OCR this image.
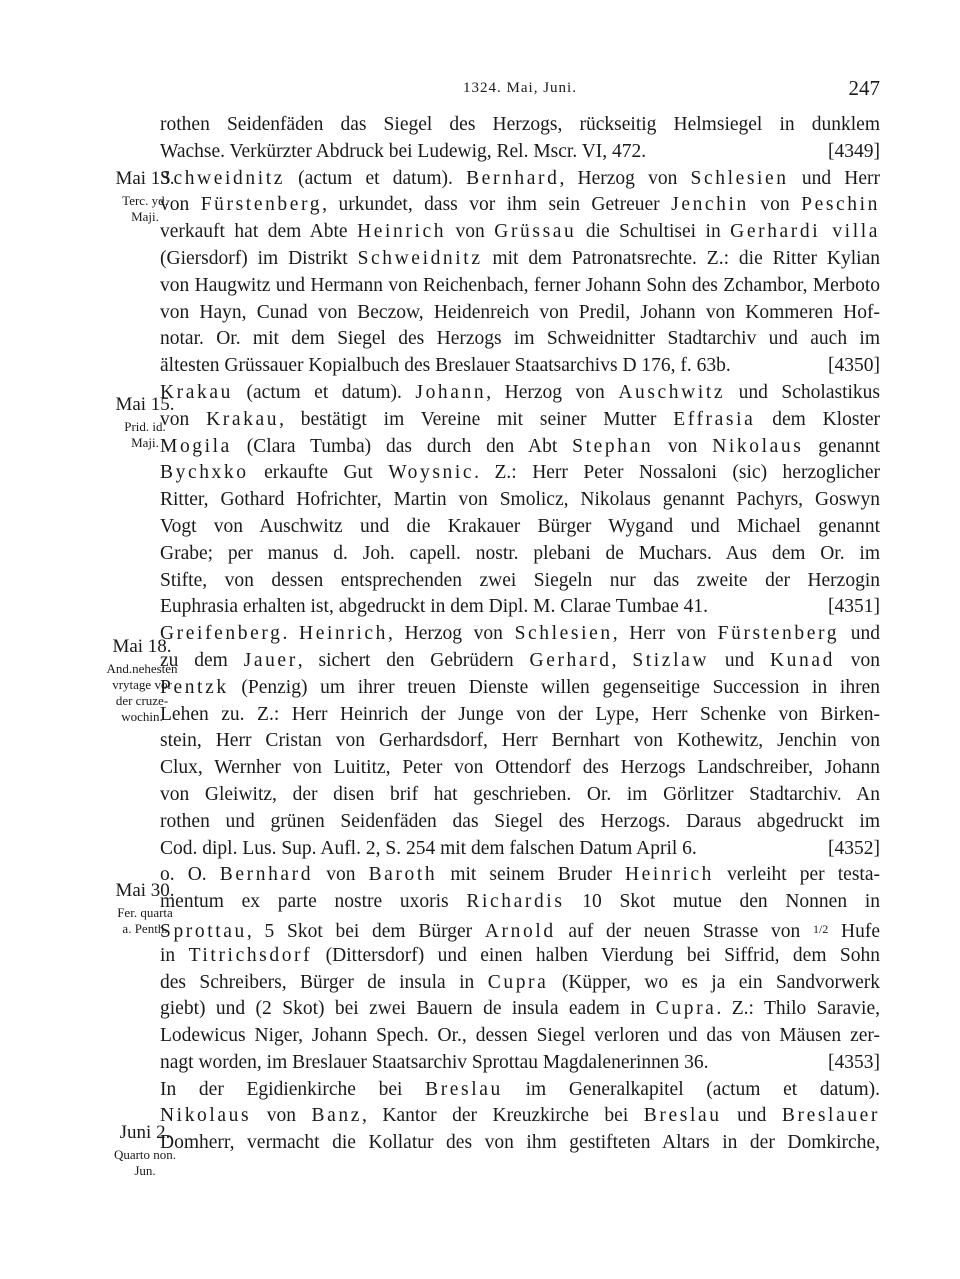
1324. Mai, Juni.	247
Mai 13.
Terc. yd.
Maji.
Mai 15.
Prid. id.
Maji.
Mai 18.
And.nehesten
vrytage vor
der cruze-
wochin.
Mai 30.
Fer. quarta
a. Penth.
Juni 2.
Quarto non.
Jun.
rothen Seidenfäden das Siegel des Herzogs, rückseitig Helmsiegel in dunklem
Wachse. Verkürzter Abdruck bei Ludewig, Rel. Mscr. VI, 472.	[4349]
Schweidnitz (actum et datum). Bernhard, Herzog von Schlesien und Herr
von Fürstenberg, urkundet, dass vor ihm sein Getreuer Jenchin von Peschin
verkauft hat dem Abte Heinrich von Grüssau die Schultisei in Gerhardi villa
(Giersdorf) im Distrikt Schweidnitz mit dem Patronatsrechte. Z.: die Ritter Kylian
von Haugwitz und Hermann von Reichenbach, ferner Johann Sohn des Zchambor, Merboto
von Hayn, Cunad von Beczow, Heidenreich von Predil, Johann von Kommeren Hof-
notar. Or. mit dem Siegel des Herzogs im Schweidnitter Stadtarchiv und auch im
ältesten Grüssauer Kopialbuch des Breslauer Staatsarchivs D 176, f. 63b.	[4350]
Krakau (actum et datum). Johann, Herzog von Auschwitz und Scholastikus
von Krakau, bestätigt im Vereine mit seiner Mutter Effrasia dem Kloster
Mogila (Clara Tumba) das durch den Abt Stephan von Nikolaus genannt
Bychxko erkaufte Gut Woysnic. Z.: Herr Peter Nossaloni (sic) herzoglicher
Ritter, Gothard Hofrichter, Martin von Smolicz, Nikolaus genannt Pachyrs, Goswyn
Vogt von Auschwitz und die Krakauer Bürger Wygand und Michael genannt
Grabe; per manus d. Joh. capell. nostr. plebani de Muchars. Aus dem Or. im
Stifte, von dessen entsprechenden zwei Siegeln nur das zweite der Herzogin
Euphrasia erhalten ist, abgedruckt in dem Dipl. M. Clarae Tumbae 41.	[4351]
Greifenberg. Heinrich, Herzog von Schlesien, Herr von Fürstenberg und
zu dem Jauer, sichert den Gebrüdern Gerhard, Stizlaw und Kunad von
Pentzk (Penzig) um ihrer treuen Dienste willen gegenseitige Succession in ihren
Lehen zu. Z.: Herr Heinrich der Junge von der Lype, Herr Schenke von Birken-
stein, Herr Cristan von Gerhardsdorf, Herr Bernhart von Kothewitz, Jenchin von
Clux, Wernher von Luititz, Peter von Ottendorf des Herzogs Landschreiber, Johann
von Gleiwitz, der disen brif hat geschrieben. Or. im Görlitzer Stadtarchiv. An
rothen und grünen Seidenfäden das Siegel des Herzogs. Daraus abgedruckt im
Cod. dipl. Lus. Sup. Aufl. 2, S. 254 mit dem falschen Datum April 6.	[4352]
o. O. Bernhard von Baroth mit seinem Bruder Heinrich verleiht per testa-
mentum ex parte nostre uxoris Richardis 10 Skot mutue den Nonnen in
Sprottau, 5 Skot bei dem Bürger Arnold auf der neuen Strasse von $^{1/2}$ Hufe
in Titrichsdorf (Dittersdorf) und einen halben Vierdung bei Siffrid, dem Sohn
des Schreibers, Bürger de insula in Cupra (Küpper, wo es ja ein Sandvorwerk
giebt) und (2 Skot) bei zwei Bauern de insula eadem in Cupra. Z.: Thilo Saravie,
Lodewicus Niger, Johann Spech. Or., dessen Siegel verloren und das von Mäusen zer-
nagt worden, im Breslauer Staatsarchiv Sprottau Magdalenerinnen 36.	[4353]
In der Egidienkirche bei Breslau im Generalkapitel (actum et datum).
Nikolaus von Banz, Kantor der Kreuzkirche bei Breslau und Breslauer
Domherr, vermacht die Kollatur des von ihm gestifteten Altars in der Domkirche,
